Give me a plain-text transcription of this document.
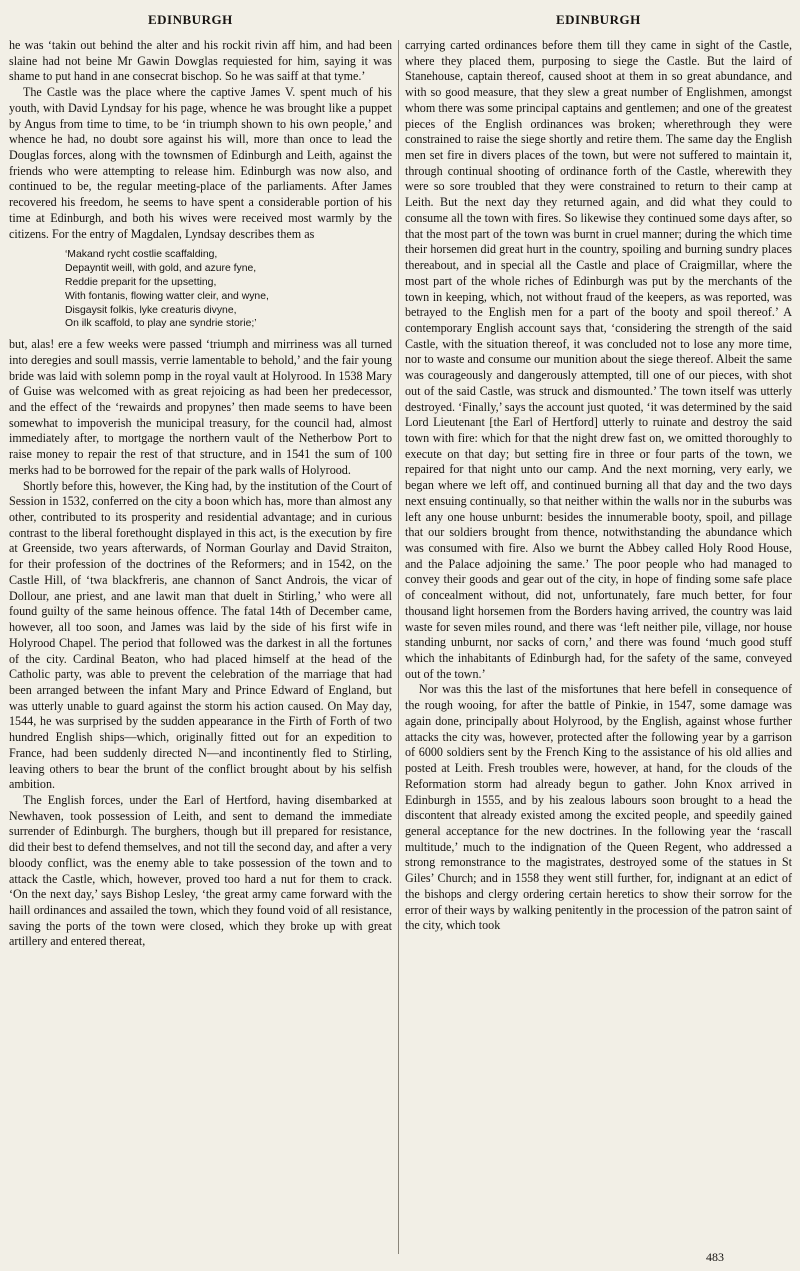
EDINBURGH	EDINBURGH

he was ‘takin out behind the alter and his rockit rivin aff him, and had been slaine had not beine Mr Gawin Dowglas requiested for him, saying it was shame to put hand in ane consecrat bischop. So he was saiff at that tyme.’

The Castle was the place where the captive James V. spent much of his youth, with David Lyndsay for his page, whence he was brought like a puppet by Angus from time to time, to be ‘in triumph shown to his own people,’ and whence he had, no doubt sore against his will, more than once to lead the Douglas forces, along with the townsmen of Edinburgh and Leith, against the friends who were attempting to release him. Edinburgh was now also, and continued to be, the regular meeting-place of the parliaments. After James recovered his freedom, he seems to have spent a considerable portion of his time at Edinburgh, and both his wives were received most warmly by the citizens. For the entry of Magdalen, Lyndsay describes them as

‘Makand rycht costlie scaffalding,
Depayntit weill, with gold, and azure fyne,
Reddie preparit for the upsetting,
With fontanis, flowing watter cleir, and wyne,
Disgaysit folkis, lyke creaturis divyne,
On ilk scaffold, to play ane syndrie storie;’

but, alas! ere a few weeks were passed ‘triumph and mirriness was all turned into deregies and soull massis, verrie lamentable to behold,’ and the fair young bride was laid with solemn pomp in the royal vault at Holyrood. In 1538 Mary of Guise was welcomed with as great rejoicing as had been her predecessor, and the effect of the ‘rewairds and propynes’ then made seems to have been somewhat to impoverish the municipal treasury, for the council had, almost immediately after, to mortgage the northern vault of the Netherbow Port to raise money to repair the rest of that structure, and in 1541 the sum of 100 merks had to be borrowed for the repair of the park walls of Holyrood.

Shortly before this, however, the King had, by the institution of the Court of Session in 1532, conferred on the city a boon which has, more than almost any other, contributed to its prosperity and residential advantage; and in curious contrast to the liberal forethought displayed in this act, is the execution by fire at Greenside, two years afterwards, of Norman Gourlay and David Straiton, for their profession of the doctrines of the Reformers; and in 1542, on the Castle Hill, of ‘twa blackfreris, ane channon of Sanct Androis, the vicar of Dollour, ane priest, and ane lawit man that duelt in Stirling,’ who were all found guilty of the same heinous offence. The fatal 14th of December came, however, all too soon, and James was laid by the side of his first wife in Holyrood Chapel. The period that followed was the darkest in all the fortunes of the city. Cardinal Beaton, who had placed himself at the head of the Catholic party, was able to prevent the celebration of the marriage that had been arranged between the infant Mary and Prince Edward of England, but was utterly unable to guard against the storm his action caused. On May day, 1544, he was surprised by the sudden appearance in the Firth of Forth of two hundred English ships—which, originally fitted out for an expedition to France, had been suddenly directed N—and incontinently fled to Stirling, leaving others to bear the brunt of the conflict brought about by his selfish ambition.

The English forces, under the Earl of Hertford, having disembarked at Newhaven, took possession of Leith, and sent to demand the immediate surrender of Edinburgh. The burghers, though but ill prepared for resistance, did their best to defend themselves, and not till the second day, and after a very bloody conflict, was the enemy able to take possession of the town and to attack the Castle, which, however, proved too hard a nut for them to crack. ‘On the next day,’ says Bishop Lesley, ‘the great army came forward with the haill ordinances and assailed the town, which they found void of all resistance, saving the ports of the town were closed, which they broke up with great artillery and entered thereat,

carrying carted ordinances before them till they came in sight of the Castle, where they placed them, purposing to siege the Castle. But the laird of Stanehouse, captain thereof, caused shoot at them in so great abundance, and with so good measure, that they slew a great number of Englishmen, amongst whom there was some principal captains and gentlemen; and one of the greatest pieces of the English ordinances was broken; wherethrough they were constrained to raise the siege shortly and retire them. The same day the English men set fire in divers places of the town, but were not suffered to maintain it, through continual shooting of ordinance forth of the Castle, wherewith they were so sore troubled that they were constrained to return to their camp at Leith. But the next day they returned again, and did what they could to consume all the town with fires. So likewise they continued some days after, so that the most part of the town was burnt in cruel manner; during the which time their horsemen did great hurt in the country, spoiling and burning sundry places thereabout, and in special all the Castle and place of Craigmillar, where the most part of the whole riches of Edinburgh was put by the merchants of the town in keeping, which, not without fraud of the keepers, as was reported, was betrayed to the English men for a part of the booty and spoil thereof.’ A contemporary English account says that, ‘considering the strength of the said Castle, with the situation thereof, it was concluded not to lose any more time, nor to waste and consume our munition about the siege thereof. Albeit the same was courageously and dangerously attempted, till one of our pieces, with shot out of the said Castle, was struck and dismounted.’ The town itself was utterly destroyed. ‘Finally,’ says the account just quoted, ‘it was determined by the said Lord Lieutenant [the Earl of Hertford] utterly to ruinate and destroy the said town with fire: which for that the night drew fast on, we omitted thoroughly to execute on that day; but setting fire in three or four parts of the town, we repaired for that night unto our camp. And the next morning, very early, we began where we left off, and continued burning all that day and the two days next ensuing continually, so that neither within the walls nor in the suburbs was left any one house unburnt: besides the innumerable booty, spoil, and pillage that our soldiers brought from thence, notwithstanding the abundance which was consumed with fire. Also we burnt the Abbey called Holy Rood House, and the Palace adjoining the same.’ The poor people who had managed to convey their goods and gear out of the city, in hope of finding some safe place of concealment without, did not, unfortunately, fare much better, for four thousand light horsemen from the Borders having arrived, the country was laid waste for seven miles round, and there was ‘left neither pile, village, nor house standing unburnt, nor sacks of corn,’ and there was found ‘much good stuff which the inhabitants of Edinburgh had, for the safety of the same, conveyed out of the town.’

Nor was this the last of the misfortunes that here befell in consequence of the rough wooing, for after the battle of Pinkie, in 1547, some damage was again done, principally about Holyrood, by the English, against whose further attacks the city was, however, protected after the following year by a garrison of 6000 soldiers sent by the French King to the assistance of his old allies and posted at Leith. Fresh troubles were, however, at hand, for the clouds of the Reformation storm had already begun to gather. John Knox arrived in Edinburgh in 1555, and by his zealous labours soon brought to a head the discontent that already existed among the excited people, and speedily gained general acceptance for the new doctrines. In the following year the ‘rascall multitude,’ much to the indignation of the Queen Regent, who addressed a strong remonstrance to the magistrates, destroyed some of the statues in St Giles’ Church; and in 1558 they went still further, for, indignant at an edict of the bishops and clergy ordering certain heretics to show their sorrow for the error of their ways by walking penitently in the procession of the patron saint of the city, which took

483
